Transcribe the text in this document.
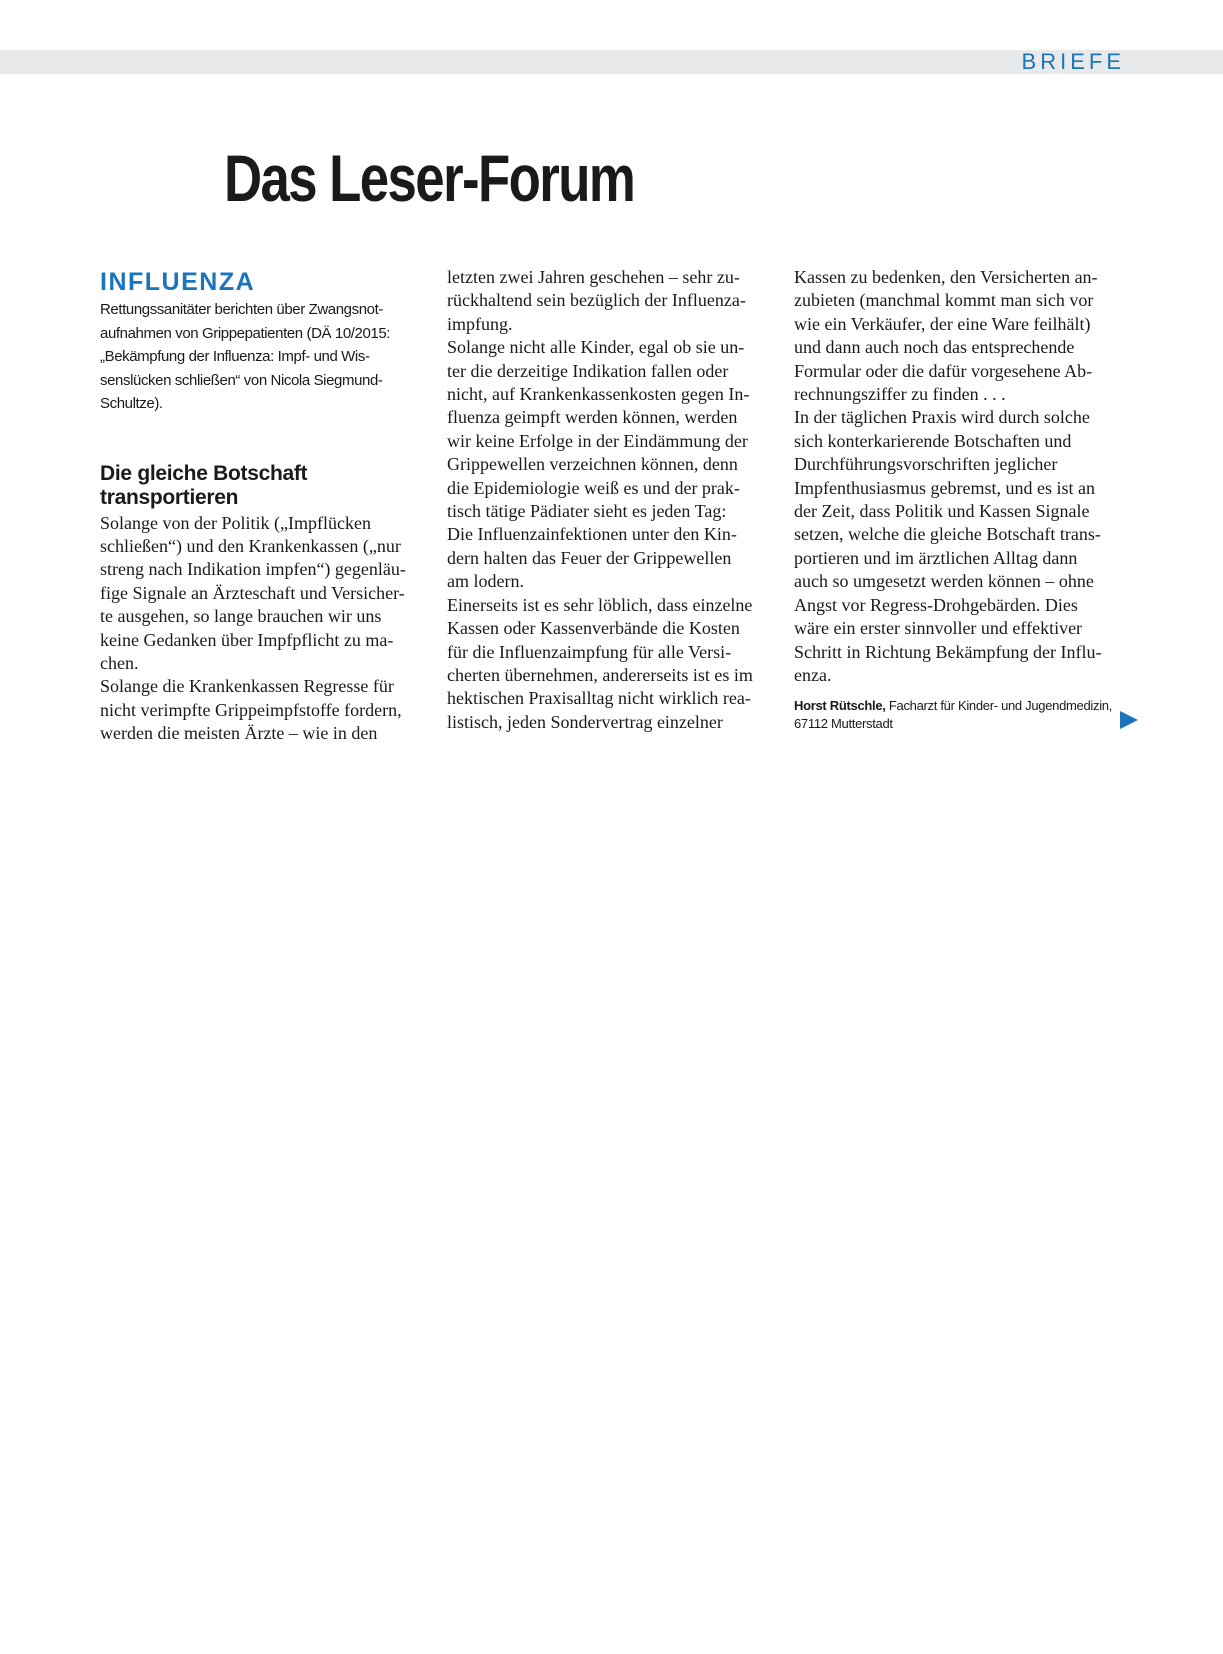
BRIEFE
Das Leser-Forum
INFLUENZA

Rettungssanitäter berichten über Zwangsnot-
aufnahmen von Grippepatienten (DÄ 10/2015:
„Bekämpfung der Influenza: Impf- und Wis-
senslücken schließen“ von Nicola Siegmund-
Schultze).

Die gleiche Botschaft
transportieren
Solange von der Politik („Impflücken
schließen“) und den Krankenkassen („nur
streng nach Indikation impfen“) gegenläu-
fige Signale an Ärzteschaft und Versicher-
te ausgehen, so lange brauchen wir uns
keine Gedanken über Impfpflicht zu ma-
chen.
Solange die Krankenkassen Regresse für
nicht verimpfte Grippeimpfstoffe fordern,
werden die meisten Ärzte – wie in den
letzten zwei Jahren geschehen – sehr zu-
rückhaltend sein bezüglich der Influenza-
impfung.
Solange nicht alle Kinder, egal ob sie un-
ter die derzeitige Indikation fallen oder
nicht, auf Krankenkassenkosten gegen In-
fluenza geimpft werden können, werden
wir keine Erfolge in der Eindämmung der
Grippewellen verzeichnen können, denn
die Epidemiologie weiß es und der prak-
tisch tätige Pädiater sieht es jeden Tag:
Die Influenzainfektionen unter den Kin-
dern halten das Feuer der Grippewellen
am lodern.
Einerseits ist es sehr löblich, dass einzelne
Kassen oder Kassenverbände die Kosten
für die Influenzaimpfung für alle Versi-
cherten übernehmen, andererseits ist es im
hektischen Praxisalltag nicht wirklich rea-
listisch, jeden Sondervertrag einzelner
Kassen zu bedenken, den Versicherten an-
zubieten (manchmal kommt man sich vor
wie ein Verkäufer, der eine Ware feilhält)
und dann auch noch das entsprechende
Formular oder die dafür vorgesehene Ab-
rechnungsziffer zu finden . . .
In der täglichen Praxis wird durch solche
sich konterkarierende Botschaften und
Durchführungsvorschriften jeglicher
Impfenthusiasmus gebremst, und es ist an
der Zeit, dass Politik und Kassen Signale
setzen, welche die gleiche Botschaft trans-
portieren und im ärztlichen Alltag dann
auch so umgesetzt werden können – ohne
Angst vor Regress-Drohgebärden. Dies
wäre ein erster sinnvoller und effektiver
Schritt in Richtung Bekämpfung der Influ-
enza.
Horst Rütschle, Facharzt für Kinder- und Jugendmedizin,
67112 Mutterstadt
